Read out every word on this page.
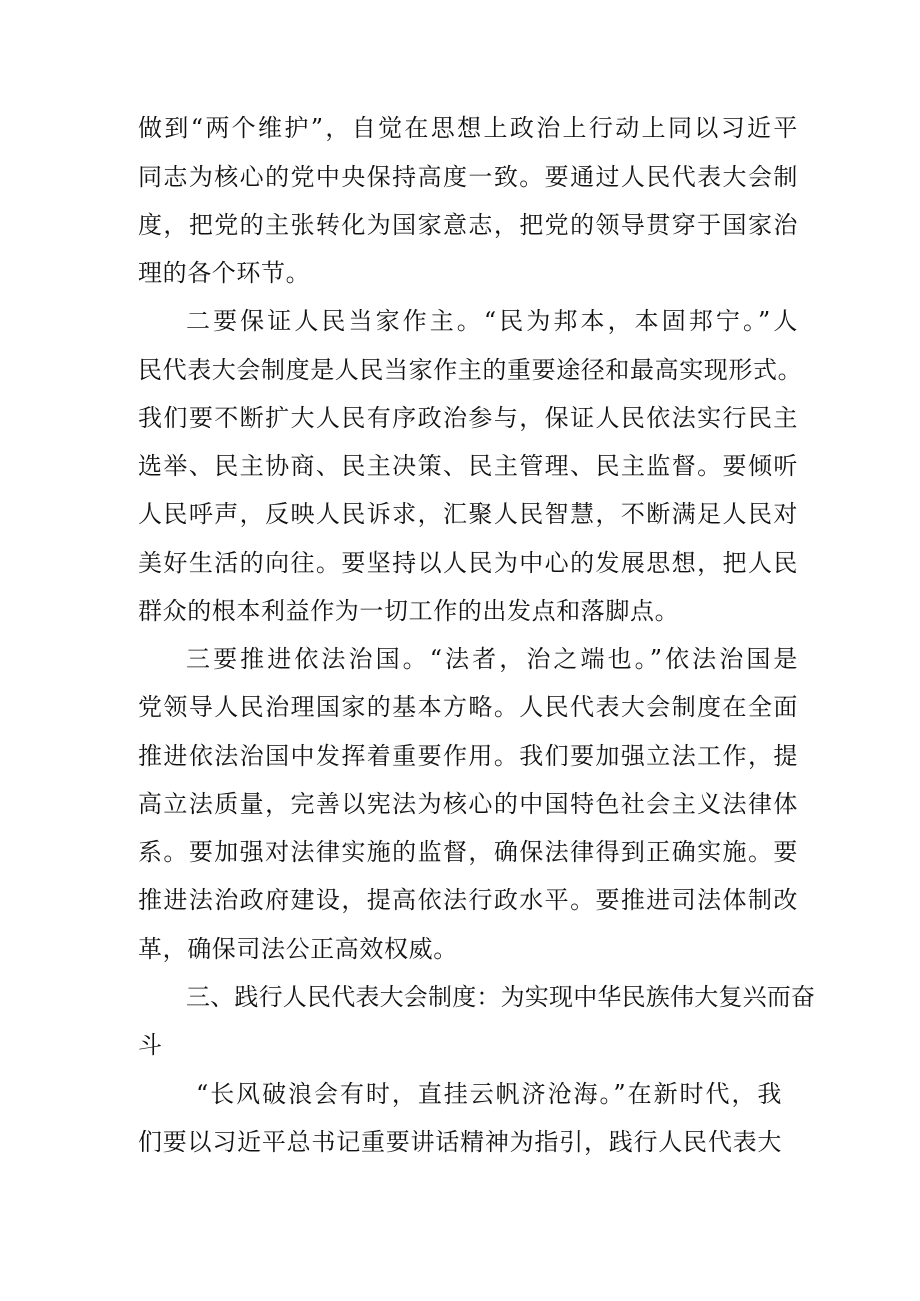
做到“两个维护”，自觉在思想上政治上行动上同以习近平
同志为核心的党中央保持高度一致。要通过人民代表大会制
度，把党的主张转化为国家意志，把党的领导贯穿于国家治
理的各个环节。
二要保证人民当家作主。“民为邦本，本固邦宁。”人
民代表大会制度是人民当家作主的重要途径和最高实现形式。
我们要不断扩大人民有序政治参与，保证人民依法实行民主
选举、民主协商、民主决策、民主管理、民主监督。要倾听
人民呼声，反映人民诉求，汇聚人民智慧，不断满足人民对
美好生活的向往。要坚持以人民为中心的发展思想，把人民
群众的根本利益作为一切工作的出发点和落脚点。
三要推进依法治国。“法者，治之端也。”依法治国是
党领导人民治理国家的基本方略。人民代表大会制度在全面
推进依法治国中发挥着重要作用。我们要加强立法工作，提
高立法质量，完善以宪法为核心的中国特色社会主义法律体
系。要加强对法律实施的监督，确保法律得到正确实施。要
推进法治政府建设，提高依法行政水平。要推进司法体制改
革，确保司法公正高效权威。
三、践行人民代表大会制度：为实现中华民族伟大复兴而奋
斗
“长风破浪会有时，直挂云帆济沧海。”在新时代，我
们要以习近平总书记重要讲话精神为指引，践行人民代表大
